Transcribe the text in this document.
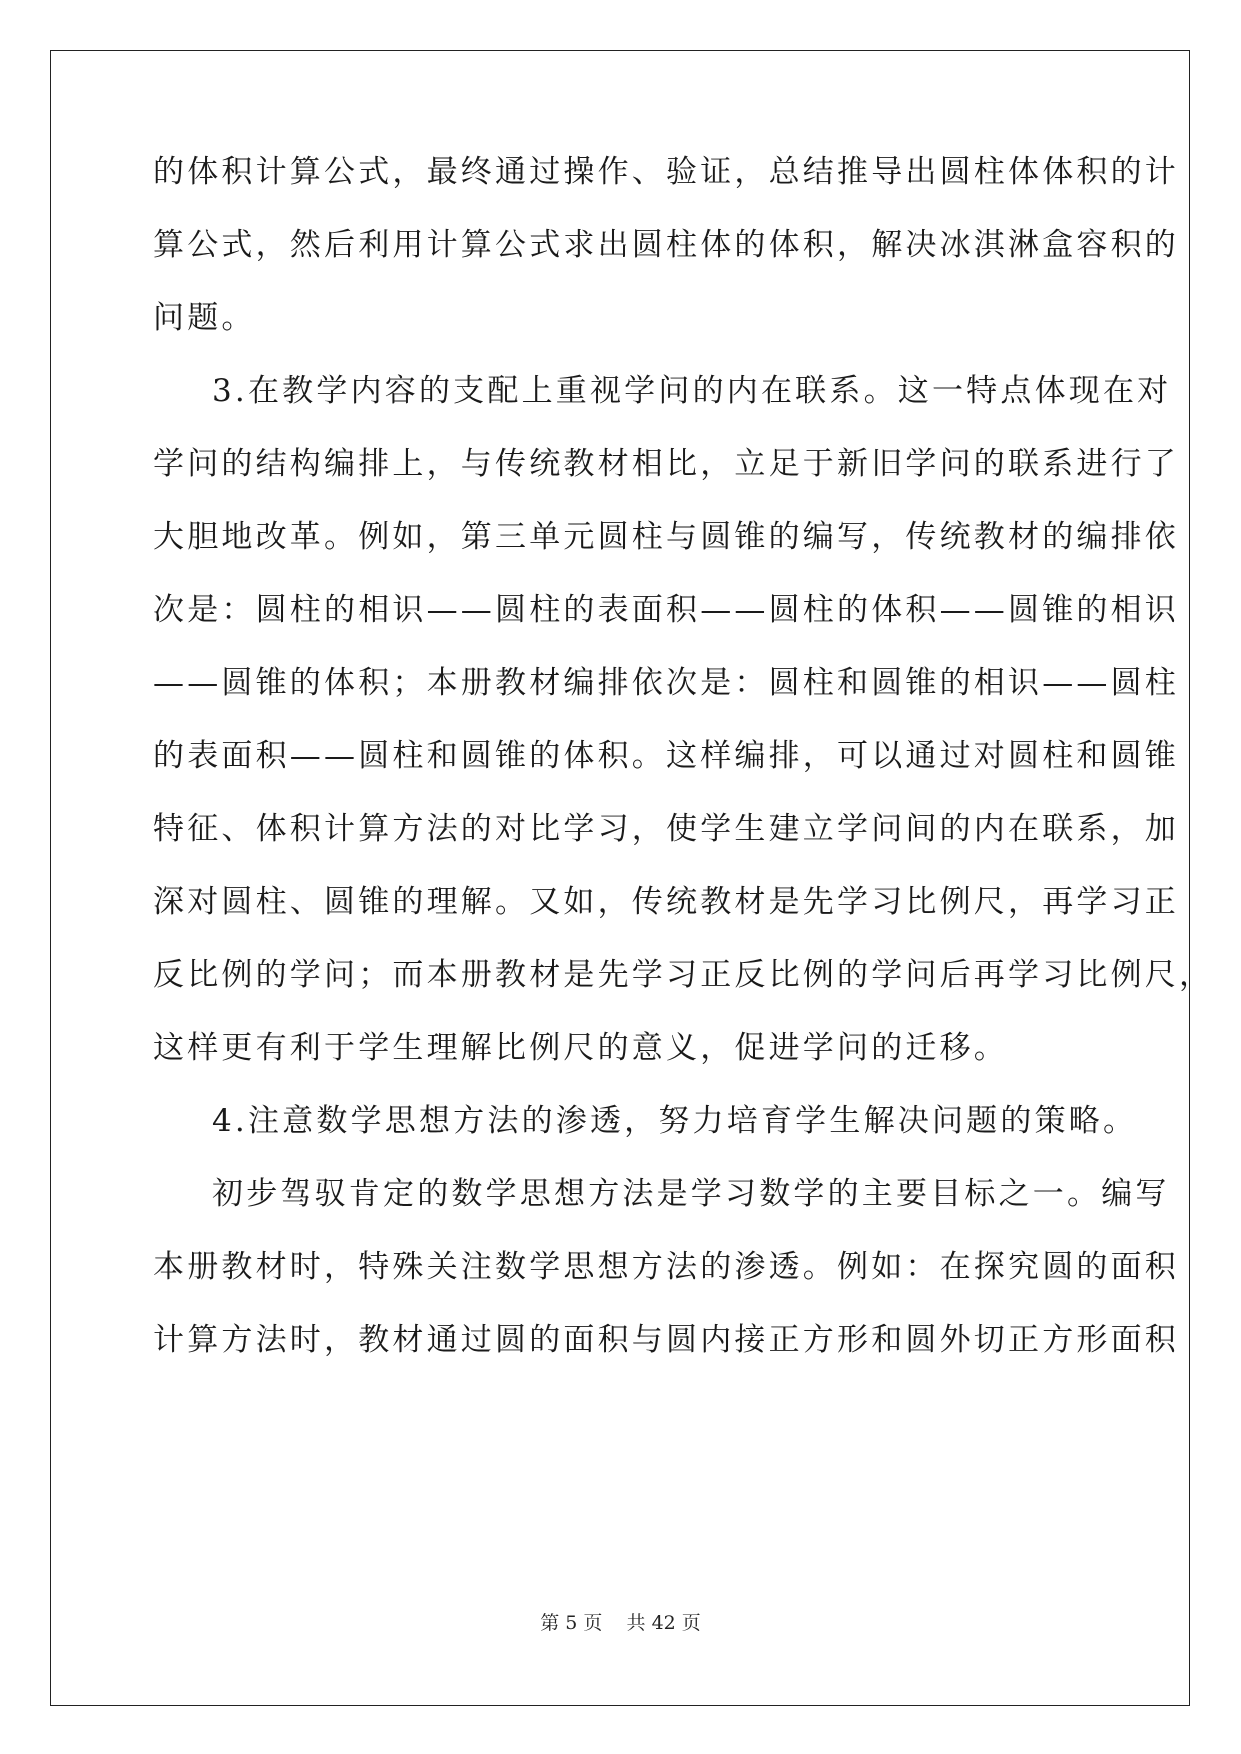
的体积计算公式，最终通过操作、验证，总结推导出圆柱体体积的计
算公式，然后利用计算公式求出圆柱体的体积，解决冰淇淋盒容积的
问题。
3.在教学内容的支配上重视学问的内在联系。这一特点体现在对
学问的结构编排上，与传统教材相比，立足于新旧学问的联系进行了
大胆地改革。例如，第三单元圆柱与圆锥的编写，传统教材的编排依
次是：圆柱的相识——圆柱的表面积——圆柱的体积——圆锥的相识
——圆锥的体积；本册教材编排依次是：圆柱和圆锥的相识——圆柱
的表面积——圆柱和圆锥的体积。这样编排，可以通过对圆柱和圆锥
特征、体积计算方法的对比学习，使学生建立学问间的内在联系，加
深对圆柱、圆锥的理解。又如，传统教材是先学习比例尺，再学习正
反比例的学问；而本册教材是先学习正反比例的学问后再学习比例尺，
这样更有利于学生理解比例尺的意义，促进学问的迁移。
4.注意数学思想方法的渗透，努力培育学生解决问题的策略。
初步驾驭肯定的数学思想方法是学习数学的主要目标之一。编写
本册教材时，特殊关注数学思想方法的渗透。例如：在探究圆的面积
计算方法时，教材通过圆的面积与圆内接正方形和圆外切正方形面积
第 5 页 共 42 页
